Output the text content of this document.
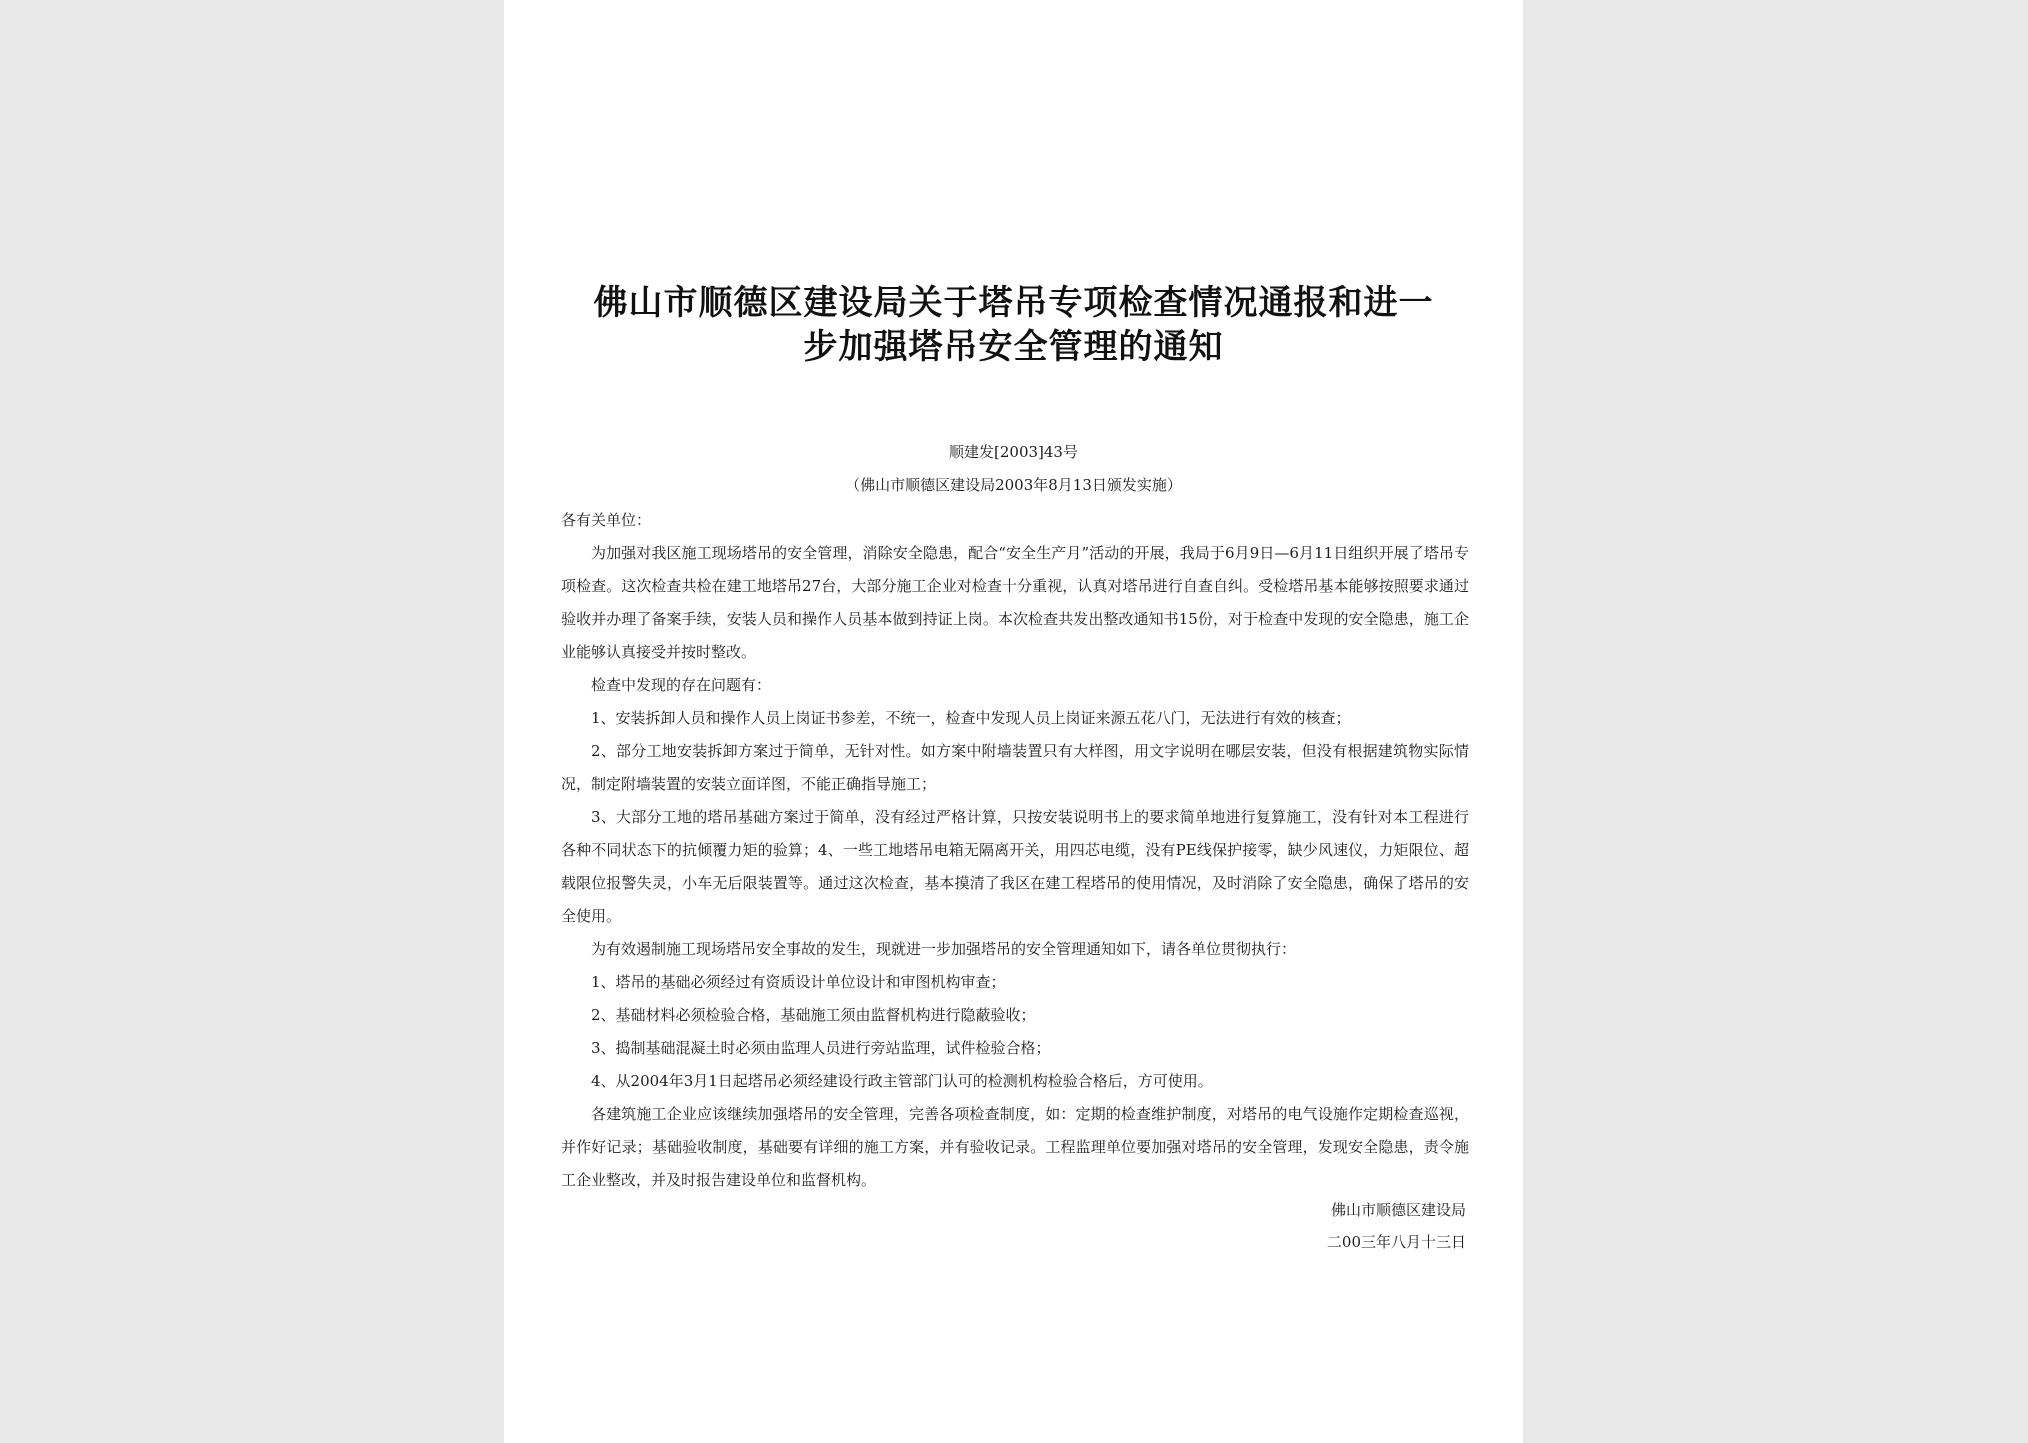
佛山市顺德区建设局关于塔吊专项检查情况通报和进一
步加强塔吊安全管理的通知
顺建发[2003]43号
（佛山市顺德区建设局2003年8月13日颁发实施）

各有关单位：

为加强对我区施工现场塔吊的安全管理，消除安全隐患，配合“安全生产月”活动的开展，我局于6月9日—6月11日组织开展了塔吊专项检查。这次检查共检在建工地塔吊27台，大部分施工企业对检查十分重视，认真对塔吊进行自查自纠。受检塔吊基本能够按照要求通过验收并办理了备案手续，安装人员和操作人员基本做到持证上岗。本次检查共发出整改通知书15份，对于检查中发现的安全隐患，施工企业能够认真接受并按时整改。

检查中发现的存在问题有：

1、安装拆卸人员和操作人员上岗证书参差，不统一，检查中发现人员上岗证来源五花八门，无法进行有效的核查；

2、部分工地安装拆卸方案过于简单，无针对性。如方案中附墙装置只有大样图，用文字说明在哪层安装，但没有根据建筑物实际情况，制定附墙装置的安装立面详图，不能正确指导施工；

3、大部分工地的塔吊基础方案过于简单，没有经过严格计算，只按安装说明书上的要求简单地进行复算施工，没有针对本工程进行各种不同状态下的抗倾覆力矩的验算；4、一些工地塔吊电箱无隔离开关，用四芯电缆，没有PE线保护接零，缺少风速仪，力矩限位、超载限位报警失灵，小车无后限装置等。通过这次检查，基本摸清了我区在建工程塔吊的使用情况，及时消除了安全隐患，确保了塔吊的安全使用。

为有效遏制施工现场塔吊安全事故的发生，现就进一步加强塔吊的安全管理通知如下，请各单位贯彻执行：

1、塔吊的基础必须经过有资质设计单位设计和审图机构审查；

2、基础材料必须检验合格，基础施工须由监督机构进行隐蔽验收；

3、捣制基础混凝土时必须由监理人员进行旁站监理，试件检验合格；

4、从2004年3月1日起塔吊必须经建设行政主管部门认可的检测机构检验合格后，方可使用。

各建筑施工企业应该继续加强塔吊的安全管理，完善各项检查制度，如：定期的检查维护制度，对塔吊的电气设施作定期检查巡视，并作好记录；基础验收制度，基础要有详细的施工方案，并有验收记录。工程监理单位要加强对塔吊的安全管理，发现安全隐患，责令施工企业整改，并及时报告建设单位和监督机构。

佛山市顺德区建设局
二00三年八月十三日
